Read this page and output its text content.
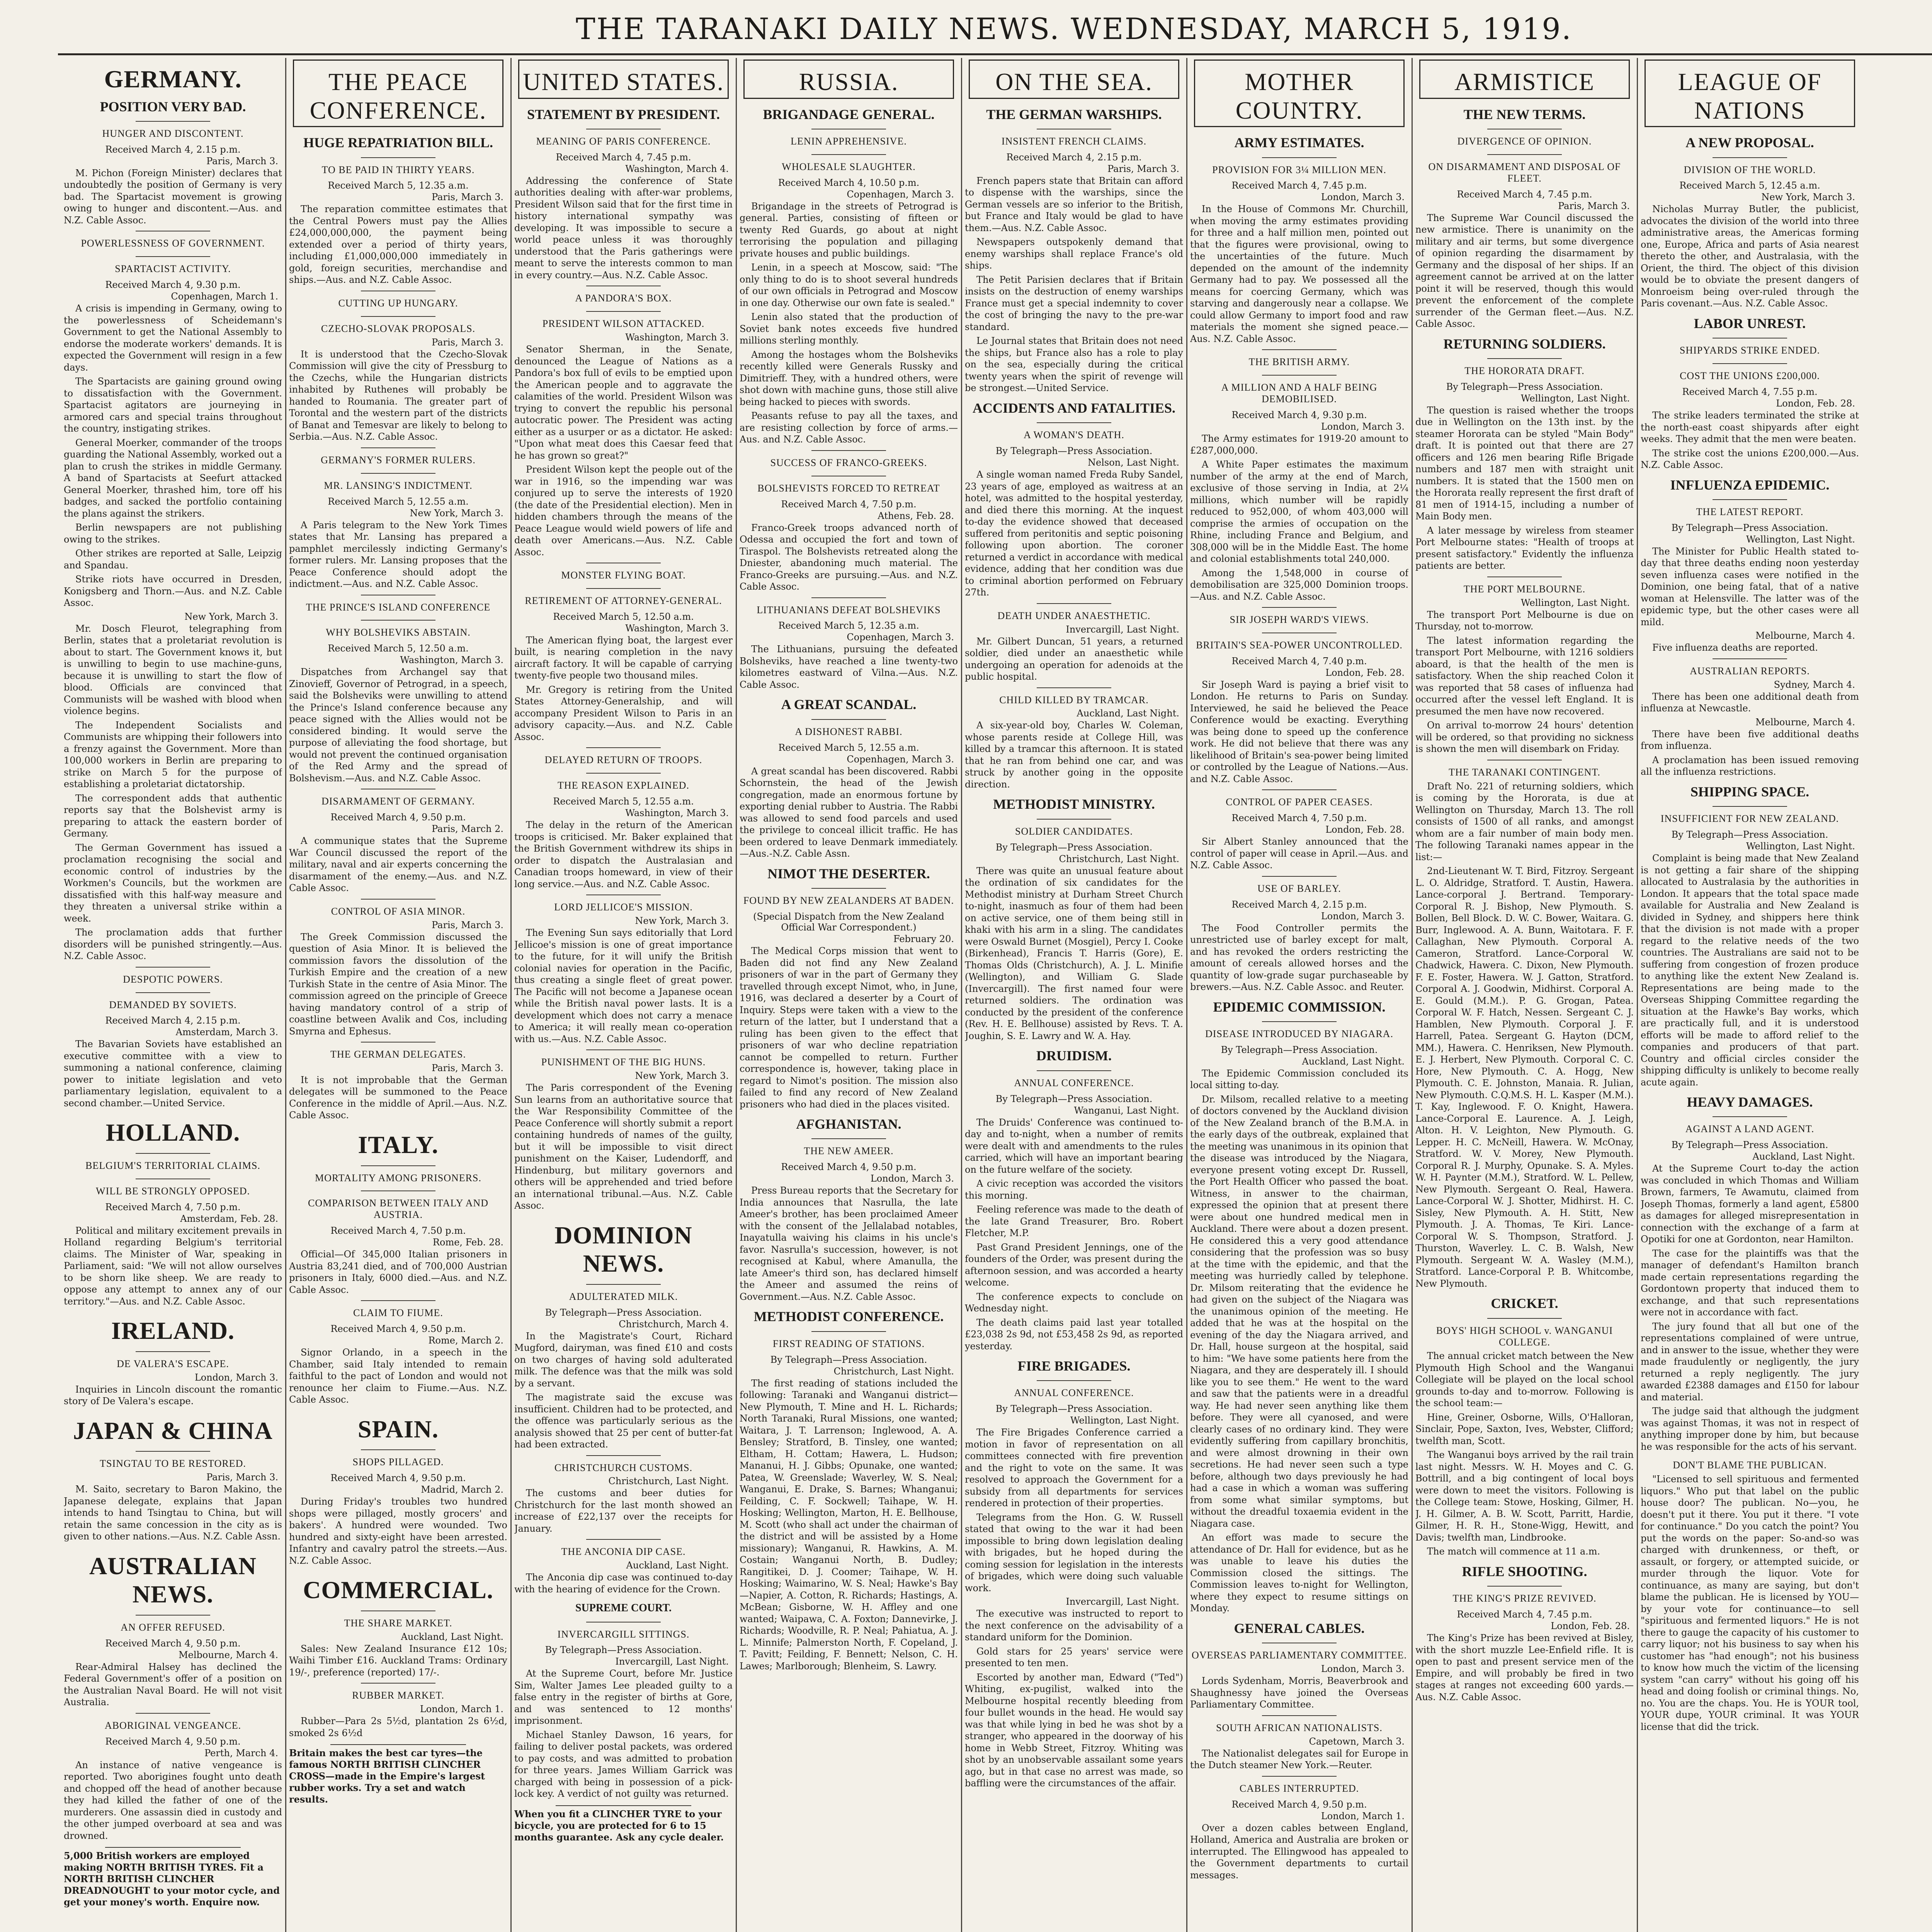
THE TARANAKI DAILY NEWS. WEDNESDAY, MARCH 5, 1919.
GERMANY.
POSITION VERY BAD.
HUNGER AND DISCONTENT.
Received March 4, 2.15 p.m.
Paris, March 3.

M. Pichon (Foreign Minister) declares that undoubtedly the position of Germany is very bad. The Spartacist movement is growing owing to hunger and discontent.—Aus. and N.Z. Cable Assoc.

POWERLESSNESS OF GOVERNMENT.
SPARTACIST ACTIVITY.
Received March 4, 9.30 p.m.
Copenhagen, March 1.

A crisis is impending in Germany, owing to the powerlessness of Scheidemann's Government to get the National Assembly to endorse the moderate workers' demands. It is expected the Government will resign in a few days.

The Spartacists are gaining ground owing to dissatisfaction with the Government. Spartacist agitators are journeying in armored cars and special trains throughout the country, instigating strikes.

General Moerker, commander of the troops guarding the National Assembly, worked out a plan to crush the strikes in middle Germany. A band of Spartacists at Seefurt attacked General Moerker, thrashed him, tore off his badges, and sacked the portfolio containing the plans against the strikers.

Berlin newspapers are not publishing owing to the strikes.

Other strikes are reported at Salle, Leipzig and Spandau.

Strike riots have occurred in Dresden, Konigsberg and Thorn.—Aus. and N.Z. Cable Assoc.

New York, March 3.

Mr. Dosch Fleurot, telegraphing from Berlin, states that a proletariat revolution is about to start. The Government knows it, but is unwilling to begin to use machine-guns, because it is unwilling to start the flow of blood. Officials are convinced that Communists will be washed with blood when violence begins.

The Independent Socialists and Communists are whipping their followers into a frenzy against the Government. More than 100,000 workers in Berlin are preparing to strike on March 5 for the purpose of establishing a proletariat dictatorship.

The correspondent adds that authentic reports say that the Bolshevist army is preparing to attack the eastern border of Germany.

The German Government has issued a proclamation recognising the social and economic control of industries by the Workmen's Councils, but the workmen are dissatisfied with this half-way measure and they threaten a universal strike within a week.

The proclamation adds that further disorders will be punished stringently.—Aus. N.Z. Cable Assoc.

DESPOTIC POWERS.
DEMANDED BY SOVIETS.
Received March 4, 2.15 p.m.
Amsterdam, March 3.

The Bavarian Soviets have established an executive committee with a view to summoning a national conference, claiming power to initiate legislation and veto parliamentary legislation, equivalent to a second chamber.—United Service.

HOLLAND.
BELGIUM'S TERRITORIAL CLAIMS.
WILL BE STRONGLY OPPOSED.
Received March 4, 7.50 p.m.
Amsterdam, Feb. 28.

Political and military excitement prevails in Holland regarding Belgium's territorial claims. The Minister of War, speaking in Parliament, said: "We will not allow ourselves to be shorn like sheep. We are ready to oppose any attempt to annex any of our territory."—Aus. and N.Z. Cable Assoc.

IRELAND.
DE VALERA'S ESCAPE.
London, March 3.

Inquiries in Lincoln discount the romantic story of De Valera's escape.

JAPAN & CHINA
TSINGTAU TO BE RESTORED.
Paris, March 3.

M. Saito, secretary to Baron Makino, the Japanese delegate, explains that Japan intends to hand Tsingtau to China, but will retain the same concession in the city as is given to other nations.—Aus. N.Z. Cable Assn.

AUSTRALIAN NEWS.
AN OFFER REFUSED.
Received March 4, 9.50 p.m.
Melbourne, March 4.

Rear-Admiral Halsey has declined the Federal Government's offer of a position on the Australian Naval Board. He will not visit Australia.

ABORIGINAL VENGEANCE.
Received March 4, 9.50 p.m.
Perth, March 4.

An instance of native vengeance is reported. Two aborigines fought unto death and chopped off the head of another because they had killed the father of one of the murderers. One assassin died in custody and the other jumped overboard at sea and was drowned.

5,000 British workers are employed making NORTH BRITISH TYRES. Fit a NORTH BRITISH CLINCHER DREADNOUGHT to your motor cycle, and get your money's worth. Enquire now.
THE PEACE CONFERENCE.
HUGE REPATRIATION BILL.
TO BE PAID IN THIRTY YEARS.
Received March 5, 12.35 a.m.
Paris, March 3.

The reparation committee estimates that the Central Powers must pay the Allies £24,000,000,000, the payment being extended over a period of thirty years, including £1,000,000,000 immediately in gold, foreign securities, merchandise and ships.—Aus. and N.Z. Cable Assoc.

CUTTING UP HUNGARY.
CZECHO-SLOVAK PROPOSALS.
Paris, March 3.

It is understood that the Czecho-Slovak Commission will give the city of Pressburg to the Czechs, while the Hungarian districts inhabited by Ruthenes will probably be handed to Roumania. The greater part of Torontal and the western part of the districts of Banat and Temesvar are likely to belong to Serbia.—Aus. N.Z. Cable Assoc.

GERMANY'S FORMER RULERS.
MR. LANSING'S INDICTMENT.
Received March 5, 12.55 a.m.
New York, March 3.

A Paris telegram to the New York Times states that Mr. Lansing has prepared a pamphlet mercilessly indicting Germany's former rulers. Mr. Lansing proposes that the Peace Conference should adopt the indictment.—Aus. and N.Z. Cable Assoc.

THE PRINCE'S ISLAND CONFERENCE
WHY BOLSHEVIKS ABSTAIN.
Received March 5, 12.50 a.m.
Washington, March 3.

Dispatches from Archangel say that Zinovieff, Governor of Petrograd, in a speech, said the Bolsheviks were unwilling to attend the Prince's Island conference because any peace signed with the Allies would not be considered binding. It would serve the purpose of alleviating the food shortage, but would not prevent the continued organisation of the Red Army and the spread of Bolshevism.—Aus. and N.Z. Cable Assoc.

DISARMAMENT OF GERMANY.
Received March 4, 9.50 p.m.
Paris, March 2.

A communique states that the Supreme War Council discussed the report of the military, naval and air experts concerning the disarmament of the enemy.—Aus. and N.Z. Cable Assoc.

CONTROL OF ASIA MINOR.
Paris, March 3.

The Greek Commission discussed the question of Asia Minor. It is believed the commission favors the dissolution of the Turkish Empire and the creation of a new Turkish State in the centre of Asia Minor. The commission agreed on the principle of Greece having mandatory control of a strip of coastline between Avalik and Cos, including Smyrna and Ephesus.

THE GERMAN DELEGATES.
Paris, March 3.

It is not improbable that the German delegates will be summoned to the Peace Conference in the middle of April.—Aus. N.Z. Cable Assoc.

ITALY.
MORTALITY AMONG PRISONERS.
COMPARISON BETWEEN ITALY AND AUSTRIA.
Received March 4, 7.50 p.m.
Rome, Feb. 28.

Official—Of 345,000 Italian prisoners in Austria 83,241 died, and of 700,000 Austrian prisoners in Italy, 6000 died.—Aus. and N.Z. Cable Assoc.

CLAIM TO FIUME.
Received March 4, 9.50 p.m.
Rome, March 2.

Signor Orlando, in a speech in the Chamber, said Italy intended to remain faithful to the pact of London and would not renounce her claim to Fiume.—Aus. N.Z. Cable Assoc.

SPAIN.
SHOPS PILLAGED.
Received March 4, 9.50 p.m.
Madrid, March 2.

During Friday's troubles two hundred shops were pillaged, mostly grocers' and bakers'. A hundred were wounded. Two hundred and sixty-eight have been arrested. Infantry and cavalry patrol the streets.—Aus. N.Z. Cable Assoc.

COMMERCIAL.
THE SHARE MARKET.
Auckland, Last Night.

Sales: New Zealand Insurance £12 10s; Waihi Timber £16. Auckland Trams: Ordinary 19/-, preference (reported) 17/-.

RUBBER MARKET.
London, March 1.

Rubber—Para 2s 5½d, plantation 2s 6½d, smoked 2s 6½d

Britain makes the best car tyres—the famous NORTH BRITISH CLINCHER CROSS—made in the Empire's largest rubber works. Try a set and watch results.
UNITED STATES.
STATEMENT BY PRESIDENT.
MEANING OF PARIS CONFERENCE.
Received March 4, 7.45 p.m.
Washington, March 4.

Addressing the conference of State authorities dealing with after-war problems, President Wilson said that for the first time in history international sympathy was developing. It was impossible to secure a world peace unless it was thoroughly understood that the Paris gatherings were meant to serve the interests common to man in every country.—Aus. N.Z. Cable Assoc.

A PANDORA'S BOX.
PRESIDENT WILSON ATTACKED.
Washington, March 3.

Senator Sherman, in the Senate, denounced the League of Nations as a Pandora's box full of evils to be emptied upon the American people and to aggravate the calamities of the world. President Wilson was trying to convert the republic his personal autocratic power. The President was acting either as a usurper or as a dictator. He asked: "Upon what meat does this Caesar feed that he has grown so great?"

President Wilson kept the people out of the war in 1916, so the impending war was conjured up to serve the interests of 1920 (the date of the Presidential election). Men in hidden chambers through the means of the Peace League would wield powers of life and death over Americans.—Aus. N.Z. Cable Assoc.

MONSTER FLYING BOAT.
RETIREMENT OF ATTORNEY-GENERAL.
Received March 5, 12.50 a.m.
Washington, March 3.

The American flying boat, the largest ever built, is nearing completion in the navy aircraft factory. It will be capable of carrying twenty-five people two thousand miles.

Mr. Gregory is retiring from the United States Attorney-Generalship, and will accompany President Wilson to Paris in an advisory capacity.—Aus. and N.Z. Cable Assoc.

DELAYED RETURN OF TROOPS.
THE REASON EXPLAINED.
Received March 5, 12.55 a.m.
Washington, March 3.

The delay in the return of the American troops is criticised. Mr. Baker explained that the British Government withdrew its ships in order to dispatch the Australasian and Canadian troops homeward, in view of their long service.—Aus. and N.Z. Cable Assoc.

LORD JELLICOE'S MISSION.
New York, March 3.

The Evening Sun says editorially that Lord Jellicoe's mission is one of great importance to the future, for it will unify the British colonial navies for operation in the Pacific, thus creating a single fleet of great power. The Pacific will not become a Japanese ocean while the British naval power lasts. It is a development which does not carry a menace to America; it will really mean co-operation with us.—Aus. N.Z. Cable Assoc.

PUNISHMENT OF THE BIG HUNS.
New York, March 3.

The Paris correspondent of the Evening Sun learns from an authoritative source that the War Responsibility Committee of the Peace Conference will shortly submit a report containing hundreds of names of the guilty, but it will be impossible to visit direct punishment on the Kaiser, Ludendorff, and Hindenburg, but military governors and others will be apprehended and tried before an international tribunal.—Aus. N.Z. Cable Assoc.

DOMINION NEWS.
ADULTERATED MILK.
By Telegraph—Press Association.
Christchurch, March 4.

In the Magistrate's Court, Richard Mugford, dairyman, was fined £10 and costs on two charges of having sold adulterated milk. The defence was that the milk was sold by a servant.

The magistrate said the excuse was insufficient. Children had to be protected, and the offence was particularly serious as the analysis showed that 25 per cent of butter-fat had been extracted.

CHRISTCHURCH CUSTOMS.
Christchurch, Last Night.

The customs and beer duties for Christchurch for the last month showed an increase of £22,137 over the receipts for January.

THE ANCONIA DIP CASE.
Auckland, Last Night.

The Anconia dip case was continued to-day with the hearing of evidence for the Crown.

SUPREME COURT.
INVERCARGILL SITTINGS.
By Telegraph—Press Association.
Invercargill, Last Night.

At the Supreme Court, before Mr. Justice Sim, Walter James Lee pleaded guilty to a false entry in the register of births at Gore, and was sentenced to 12 months' imprisonment.

Michael Stanley Dawson, 16 years, for failing to deliver postal packets, was ordered to pay costs, and was admitted to probation for three years. James William Garrick was charged with being in possession of a pick-lock key. A verdict of not guilty was returned.

When you fit a CLINCHER TYRE to your bicycle, you are protected for 6 to 15 months guarantee. Ask any cycle dealer.
RUSSIA.
BRIGANDAGE GENERAL.
LENIN APPREHENSIVE.
WHOLESALE SLAUGHTER.
Received March 4, 10.50 p.m.
Copenhagen, March 3.

Brigandage in the streets of Petrograd is general. Parties, consisting of fifteen or twenty Red Guards, go about at night terrorising the population and pillaging private houses and public buildings.

Lenin, in a speech at Moscow, said: "The only thing to do is to shoot several hundreds of our own officials in Petrograd and Moscow in one day. Otherwise our own fate is sealed."

Lenin also stated that the production of Soviet bank notes exceeds five hundred millions sterling monthly.

Among the hostages whom the Bolsheviks recently killed were Generals Russky and Dimitrieff. They, with a hundred others, were shot down with machine guns, those still alive being hacked to pieces with swords.

Peasants refuse to pay all the taxes, and are resisting collection by force of arms.—Aus. and N.Z. Cable Assoc.

SUCCESS OF FRANCO-GREEKS.
BOLSHEVISTS FORCED TO RETREAT
Received March 4, 7.50 p.m.
Athens, Feb. 28.

Franco-Greek troops advanced north of Odessa and occupied the fort and town of Tiraspol. The Bolshevists retreated along the Dniester, abandoning much material. The Franco-Greeks are pursuing.—Aus. and N.Z. Cable Assoc.

LITHUANIANS DEFEAT BOLSHEVIKS
Received March 5, 12.35 a.m.
Copenhagen, March 3.

The Lithuanians, pursuing the defeated Bolsheviks, have reached a line twenty-two kilometres eastward of Vilna.—Aus. N.Z. Cable Assoc.

A GREAT SCANDAL.
A DISHONEST RABBI.
Received March 5, 12.55 a.m.
Copenhagen, March 3.

A great scandal has been discovered. Rabbi Schornstein, the head of the Jewish congregation, made an enormous fortune by exporting denial rubber to Austria. The Rabbi was allowed to send food parcels and used the privilege to conceal illicit traffic. He has been ordered to leave Denmark immediately.—Aus.-N.Z. Cable Assn.

NIMOT THE DESERTER.
FOUND BY NEW ZEALANDERS AT BADEN.
(Special Dispatch from the New Zealand Official War Correspondent.)
February 20.

The Medical Corps mission that went to Baden did not find any New Zealand prisoners of war in the part of Germany they travelled through except Nimot, who, in June, 1916, was declared a deserter by a Court of Inquiry. Steps were taken with a view to the return of the latter, but I understand that a ruling has been given to the effect that prisoners of war who decline repatriation cannot be compelled to return. Further correspondence is, however, taking place in regard to Nimot's position. The mission also failed to find any record of New Zealand prisoners who had died in the places visited.

AFGHANISTAN.
THE NEW AMEER.
Received March 4, 9.50 p.m.
London, March 3.

Press Bureau reports that the Secretary for India announces that Nasrulla, the late Ameer's brother, has been proclaimed Ameer with the consent of the Jellalabad notables, Inayatulla waiving his claims in his uncle's favor. Nasrulla's succession, however, is not recognised at Kabul, where Amanulla, the late Ameer's third son, has declared himself the Ameer and assumed the reins of Government.—Aus. N.Z. Cable Assoc.

METHODIST CONFERENCE.
FIRST READING OF STATIONS.
By Telegraph—Press Association.
Christchurch, Last Night.

The first reading of stations included the following: Taranaki and Wanganui district—New Plymouth, T. Mine and H. L. Richards; North Taranaki, Rural Missions, one wanted; Waitara, J. T. Larrenson; Inglewood, A. A. Bensley; Stratford, B. Tinsley, one wanted; Eltham, H. Cottam; Hawera, L. Hudson; Mananui, H. J. Gibbs; Opunake, one wanted; Patea, W. Greenslade; Waverley, W. S. Neal; Wanganui, E. Drake, S. Barnes; Whanganui; Feilding, C. F. Sockwell; Taihape, W. H. Hosking; Wellington, Marton, H. E. Bellhouse, M. Scott (who shall act under the chairman of the district and will be assisted by a Home missionary); Wanganui, R. Hawkins, A. M. Costain; Wanganui North, B. Dudley; Rangitikei, D. J. Coomer; Taihape, W. H. Hosking; Waimarino, W. S. Neal; Hawke's Bay—Napier, A. Cotton, R. Richards; Hastings, A. McBean; Gisborne, W. H. Affley and one wanted; Waipawa, C. A. Foxton; Dannevirke, J. Richards; Woodville, R. P. Neal; Pahiatua, A. J. L. Minnife; Palmerston North, F. Copeland, J. T. Pavitt; Feilding, F. Bennett; Nelson, C. H. Lawes; Marlborough; Blenheim, S. Lawry.

ON THE SEA.
THE GERMAN WARSHIPS.
INSISTENT FRENCH CLAIMS.
Received March 4, 2.15 p.m.
Paris, March 3.

French papers state that Britain can afford to dispense with the warships, since the German vessels are so inferior to the British, but France and Italy would be glad to have them.—Aus. N.Z. Cable Assoc.

Newspapers outspokenly demand that enemy warships shall replace France's old ships.

The Petit Parisien declares that if Britain insists on the destruction of enemy warships France must get a special indemnity to cover the cost of bringing the navy to the pre-war standard.

Le Journal states that Britain does not need the ships, but France also has a role to play on the sea, especially during the critical twenty years when the spirit of revenge will be strongest.—United Service.

ACCIDENTS AND FATALITIES.
A WOMAN'S DEATH.
By Telegraph—Press Association.
Nelson, Last Night.

A single woman named Freda Ruby Sandel, 23 years of age, employed as waitress at an hotel, was admitted to the hospital yesterday, and died there this morning. At the inquest to-day the evidence showed that deceased suffered from peritonitis and septic poisoning following upon abortion. The coroner returned a verdict in accordance with medical evidence, adding that her condition was due to criminal abortion performed on February 27th.

DEATH UNDER ANAESTHETIC.
Invercargill, Last Night.

Mr. Gilbert Duncan, 51 years, a returned soldier, died under an anaesthetic while undergoing an operation for adenoids at the public hospital.

CHILD KILLED BY TRAMCAR.
Auckland, Last Night.

A six-year-old boy, Charles W. Coleman, whose parents reside at College Hill, was killed by a tramcar this afternoon. It is stated that he ran from behind one car, and was struck by another going in the opposite direction.

METHODIST MINISTRY.
SOLDIER CANDIDATES.
By Telegraph—Press Association.
Christchurch, Last Night.

There was quite an unusual feature about the ordination of six candidates for the Methodist ministry at Durham Street Church to-night, inasmuch as four of them had been on active service, one of them being still in khaki with his arm in a sling. The candidates were Oswald Burnet (Mosgiel), Percy I. Cooke (Birkenhead), Francis T. Harris (Gore), E. Thomas Olds (Christchurch), A. J. L. Minifie (Wellington), and William G. Slade (Invercargill). The first named four were returned soldiers. The ordination was conducted by the president of the conference (Rev. H. E. Bellhouse) assisted by Revs. T. A. Joughin, S. E. Lawry and W. A. Hay.

DRUIDISM.
ANNUAL CONFERENCE.
By Telegraph—Press Association.
Wanganui, Last Night.

The Druids' Conference was continued to-day and to-night, when a number of remits were dealt with and amendments to the rules carried, which will have an important bearing on the future welfare of the society.

A civic reception was accorded the visitors this morning.

Feeling reference was made to the death of the late Grand Treasurer, Bro. Robert Fletcher, M.P.

Past Grand President Jennings, one of the founders of the Order, was present during the afternoon session, and was accorded a hearty welcome.

The conference expects to conclude on Wednesday night.

The death claims paid last year totalled £23,038 2s 9d, not £53,458 2s 9d, as reported yesterday.

FIRE BRIGADES.
ANNUAL CONFERENCE.
By Telegraph—Press Association.
Wellington, Last Night.

The Fire Brigades Conference carried a motion in favor of representation on all committees connected with fire prevention and the right to vote on the same. It was resolved to approach the Government for a subsidy from all departments for services rendered in protection of their properties.

Telegrams from the Hon. G. W. Russell stated that owing to the war it had been impossible to bring down legislation dealing with brigades, but he hoped during the coming session for legislation in the interests of brigades, which were doing such valuable work.

Invercargill, Last Night.

The executive was instructed to report to the next conference on the advisability of a standard uniform for the Dominion.

Gold stars for 25 years' service were presented to ten men.

Escorted by another man, Edward ("Ted") Whiting, ex-pugilist, walked into the Melbourne hospital recently bleeding from four bullet wounds in the head. He would say was that while lying in bed he was shot by a stranger, who appeared in the doorway of his home in Webb Street, Fitzroy. Whiting was shot by an unobservable assailant some years ago, but in that case no arrest was made, so baffling were the circumstances of the affair.

MOTHER COUNTRY.
ARMY ESTIMATES.
PROVISION FOR 3¼ MILLION MEN.
Received March 4, 7.45 p.m.
London, March 3.

In the House of Commons Mr. Churchill, when moving the army estimates providing for three and a half million men, pointed out that the figures were provisional, owing to the uncertainties of the future. Much depended on the amount of the indemnity Germany had to pay. We possessed all the means for coercing Germany, which was starving and dangerously near a collapse. We could allow Germany to import food and raw materials the moment she signed peace.—Aus. N.Z. Cable Assoc.

THE BRITISH ARMY.
A MILLION AND A HALF BEING DEMOBILISED.
Received March 4, 9.30 p.m.
London, March 3.

The Army estimates for 1919-20 amount to £287,000,000.

A White Paper estimates the maximum number of the army at the end of March, exclusive of those serving in India, at 2¼ millions, which number will be rapidly reduced to 952,000, of whom 403,000 will comprise the armies of occupation on the Rhine, including France and Belgium, and 308,000 will be in the Middle East. The home and colonial establishments total 240,000.

Among the 1,548,000 in course of demobilisation are 325,000 Dominion troops.—Aus. and N.Z. Cable Assoc.

SIR JOSEPH WARD'S VIEWS.
BRITAIN'S SEA-POWER UNCONTROLLED.
Received March 4, 7.40 p.m.
London, Feb. 28.

Sir Joseph Ward is paying a brief visit to London. He returns to Paris on Sunday. Interviewed, he said he believed the Peace Conference would be exacting. Everything was being done to speed up the conference work. He did not believe that there was any likelihood of Britain's sea-power being limited or controlled by the League of Nations.—Aus. and N.Z. Cable Assoc.

CONTROL OF PAPER CEASES.
Received March 4, 7.50 p.m.
London, Feb. 28.

Sir Albert Stanley announced that the control of paper will cease in April.—Aus. and N.Z. Cable Assoc.

USE OF BARLEY.
Received March 4, 2.15 p.m.
London, March 3.

The Food Controller permits the unrestricted use of barley except for malt, and has revoked the orders restricting the amount of cereals allowed horses and the quantity of low-grade sugar purchaseable by brewers.—Aus. N.Z. Cable Assoc. and Reuter.

EPIDEMIC COMMISSION.
DISEASE INTRODUCED BY NIAGARA.
By Telegraph—Press Association.
Auckland, Last Night.

The Epidemic Commission concluded its local sitting to-day.

Dr. Milsom, recalled relative to a meeting of doctors convened by the Auckland division of the New Zealand branch of the B.M.A. in the early days of the outbreak, explained that the meeting was unanimous in its opinion that the disease was introduced by the Niagara, everyone present voting except Dr. Russell, the Port Health Officer who passed the boat. Witness, in answer to the chairman, expressed the opinion that at present there were about one hundred medical men in Auckland. There were about a dozen present. He considered this a very good attendance considering that the profession was so busy at the time with the epidemic, and that the meeting was hurriedly called by telephone. Dr. Milsom reiterating that the evidence he had given on the subject of the Niagara was the unanimous opinion of the meeting. He added that he was at the hospital on the evening of the day the Niagara arrived, and Dr. Hall, house surgeon at the hospital, said to him: "We have some patients here from the Niagara, and they are desperately ill. I should like you to see them." He went to the ward and saw that the patients were in a dreadful way. He had never seen anything like them before. They were all cyanosed, and were clearly cases of no ordinary kind. They were evidently suffering from capillary bronchitis, and were almost drowning in their own secretions. He had never seen such a type before, although two days previously he had had a case in which a woman was suffering from some what similar symptoms, but without the dreadful toxaemia evident in the Niagara case.

An effort was made to secure the attendance of Dr. Hall for evidence, but as he was unable to leave his duties the Commission closed the sittings. The Commission leaves to-night for Wellington, where they expect to resume sittings on Monday.

GENERAL CABLES.
OVERSEAS PARLIAMENTARY COMMITTEE.
London, March 3.

Lords Sydenham, Morris, Beaverbrook and Shaughnessy have joined the Overseas Parliamentary Committee.

SOUTH AFRICAN NATIONALISTS.
Capetown, March 3.

The Nationalist delegates sail for Europe in the Dutch steamer New York.—Reuter.

CABLES INTERRUPTED.
Received March 4, 9.50 p.m.
London, March 1.

Over a dozen cables between England, Holland, America and Australia are broken or interrupted. The Ellingwood has appealed to the Government departments to curtail messages.

ARMISTICE
THE NEW TERMS.
DIVERGENCE OF OPINION.
ON DISARMAMENT AND DISPOSAL OF FLEET.
Received March 4, 7.45 p.m.
Paris, March 3.

The Supreme War Council discussed the new armistice. There is unanimity on the military and air terms, but some divergence of opinion regarding the disarmament by Germany and the disposal of her ships. If an agreement cannot be arrived at on the latter point it will be reserved, though this would prevent the enforcement of the complete surrender of the German fleet.—Aus. N.Z. Cable Assoc.

RETURNING SOLDIERS.
THE HORORATA DRAFT.
By Telegraph—Press Association.
Wellington, Last Night.

The question is raised whether the troops due in Wellington on the 13th inst. by the steamer Hororata can be styled "Main Body" draft. It is pointed out that there are 27 officers and 126 men bearing Rifle Brigade numbers and 187 men with straight unit numbers. It is stated that the 1500 men on the Hororata really represent the first draft of 81 men of 1914-15, including a number of Main Body men.

A later message by wireless from steamer Port Melbourne states: "Health of troops at present satisfactory." Evidently the influenza patients are better.

THE PORT MELBOURNE.
Wellington, Last Night.

The transport Port Melbourne is due on Thursday, not to-morrow.

The latest information regarding the transport Port Melbourne, with 1216 soldiers aboard, is that the health of the men is satisfactory. When the ship reached Colon it was reported that 58 cases of influenza had occurred after the vessel left England. It is presumed the men have now recovered.

On arrival to-morrow 24 hours' detention will be ordered, so that providing no sickness is shown the men will disembark on Friday.

THE TARANAKI CONTINGENT.

Draft No. 221 of returning soldiers, which is coming by the Hororata, is due at Wellington on Thursday, March 13. The roll consists of 1500 of all ranks, and amongst whom are a fair number of main body men. The following Taranaki names appear in the list:—

2nd-Lieutenant W. T. Bird, Fitzroy. Sergeant L. O. Aldridge, Stratford. T. Austin, Hawera. Lance-corporal J. Bertrand. Temporary-Corporal R. J. Bishop, New Plymouth. S. Bollen, Bell Block. D. W. C. Bower, Waitara. G. Burr, Inglewood. A. A. Bunn, Waitotara. F. F. Callaghan, New Plymouth. Corporal A. Cameron, Stratford. Lance-Corporal W. Chadwick, Hawera. C. Dixon, New Plymouth. F. E. Foster, Hawera. W. J. Gatton, Stratford. Corporal A. J. Goodwin, Midhirst. Corporal A. E. Gould (M.M.). P. G. Grogan, Patea. Corporal W. F. Hatch, Nessen. Sergeant C. J. Hamblen, New Plymouth. Corporal J. F. Harrell, Patea. Sergeant G. Hayton (DCM, MM.), Hawera. C. Henriksen, New Plymouth. E. J. Herbert, New Plymouth. Corporal C. C. Hore, New Plymouth. C. A. Hogg, New Plymouth. C. E. Johnston, Manaia. R. Julian, New Plymouth. C.Q.M.S. H. L. Kasper (M.M.). T. Kay, Inglewood. F. O. Knight, Hawera. Lance-Corporal E. Laurence. A. J. Leigh, Alton. H. V. Leighton, New Plymouth. G. Lepper. H. C. McNeill, Hawera. W. McOnay, Stratford. W. V. Morey, New Plymouth. Corporal R. J. Murphy, Opunake. S. A. Myles. W. H. Paynter (M.M.), Stratford. W. L. Pellew, New Plymouth. Sergeant O. Real, Hawera. Lance-Corporal W. J. Shotter, Midhirst. H. C. Sisley, New Plymouth. A. H. Stitt, New Plymouth. J. A. Thomas, Te Kiri. Lance-Corporal W. S. Thompson, Stratford. J. Thurston, Waverley. L. C. B. Walsh, New Plymouth. Sergeant W. A. Wasley (M.M.), Stratford. Lance-Corporal P. B. Whitcombe, New Plymouth.

CRICKET.
BOYS' HIGH SCHOOL v. WANGANUI COLLEGE.

The annual cricket match between the New Plymouth High School and the Wanganui Collegiate will be played on the local school grounds to-day and to-morrow. Following is the school team:—

Hine, Greiner, Osborne, Wills, O'Halloran, Sinclair, Pope, Saxton, Ives, Webster, Clifford; twelfth man, Scott.

The Wanganui boys arrived by the rail train last night. Messrs. W. H. Moyes and C. G. Bottrill, and a big contingent of local boys were down to meet the visitors. Following is the College team: Stowe, Hosking, Gilmer, H. J. H. Gilmer, A. B. W. Scott, Parritt, Hardie, Gilmer, H. R. H., Stone-Wigg, Hewitt, and Davis; twelfth man, Lindbrooke.

The match will commence at 11 a.m.

RIFLE SHOOTING.
THE KING'S PRIZE REVIVED.
Received March 4, 7.45 p.m.
London, Feb. 28.

The King's Prize has been revived at Bisley, with the short muzzle Lee-Enfield rifle. It is open to past and present service men of the Empire, and will probably be fired in two stages at ranges not exceeding 600 yards.—Aus. N.Z. Cable Assoc.

LEAGUE OF NATIONS
A NEW PROPOSAL.
DIVISION OF THE WORLD.
Received March 5, 12.45 a.m.
New York, March 3.

Nicholas Murray Butler, the publicist, advocates the division of the world into three administrative areas, the Americas forming one, Europe, Africa and parts of Asia nearest thereto the other, and Australasia, with the Orient, the third. The object of this division would be to obviate the present dangers of Monroeism being over-ruled through the Paris covenant.—Aus. N.Z. Cable Assoc.

LABOR UNREST.
SHIPYARDS STRIKE ENDED.
COST THE UNIONS £200,000.
Received March 4, 7.55 p.m.
London, Feb. 28.

The strike leaders terminated the strike at the north-east coast shipyards after eight weeks. They admit that the men were beaten.

The strike cost the unions £200,000.—Aus. N.Z. Cable Assoc.

INFLUENZA EPIDEMIC.
THE LATEST REPORT.
By Telegraph—Press Association.
Wellington, Last Night.

The Minister for Public Health stated to-day that three deaths ending noon yesterday seven influenza cases were notified in the Dominion, one being fatal, that of a native woman at Helensville. The latter was of the epidemic type, but the other cases were all mild.

Melbourne, March 4.

Five influenza deaths are reported.

AUSTRALIAN REPORTS.
Sydney, March 4.

There has been one additional death from influenza at Newcastle.

Melbourne, March 4.

There have been five additional deaths from influenza.

A proclamation has been issued removing all the influenza restrictions.

SHIPPING SPACE.
INSUFFICIENT FOR NEW ZEALAND.
By Telegraph—Press Association.
Wellington, Last Night.

Complaint is being made that New Zealand is not getting a fair share of the shipping allocated to Australasia by the authorities in London. It appears that the total space made available for Australia and New Zealand is divided in Sydney, and shippers here think that the division is not made with a proper regard to the relative needs of the two countries. The Australians are said not to be suffering from congestion of frozen produce to anything like the extent New Zealand is. Representations are being made to the Overseas Shipping Committee regarding the situation at the Hawke's Bay works, which are practically full, and it is understood efforts will be made to afford relief to the companies and producers of that part. Country and official circles consider the shipping difficulty is unlikely to become really acute again.

HEAVY DAMAGES.
AGAINST A LAND AGENT.
By Telegraph—Press Association.
Auckland, Last Night.

At the Supreme Court to-day the action was concluded in which Thomas and William Brown, farmers, Te Awamutu, claimed from Joseph Thomas, formerly a land agent, £5800 as damages for alleged misrepresentation in connection with the exchange of a farm at Opotiki for one at Gordonton, near Hamilton.

The case for the plaintiffs was that the manager of defendant's Hamilton branch made certain representations regarding the Gordontown property that induced them to exchange, and that such representations were not in accordance with fact.

The jury found that all but one of the representations complained of were untrue, and in answer to the issue, whether they were made fraudulently or negligently, the jury returned a reply negligently. The jury awarded £2388 damages and £150 for labour and material.

The judge said that although the judgment was against Thomas, it was not in respect of anything improper done by him, but because he was responsible for the acts of his servant.

DON'T BLAME THE PUBLICAN.

"Licensed to sell spirituous and fermented liquors." Who put that label on the public house door? The publican. No—you, he doesn't put it there. You put it there. "I vote for continuance." Do you catch the point? You put the words on the paper: So-and-so was charged with drunkenness, or theft, or assault, or forgery, or attempted suicide, or murder through the liquor. Vote for continuance, as many are saying, but don't blame the publican. He is licensed by YOU—by your vote for continuance—to sell "spirituous and fermented liquors." He is not there to gauge the capacity of his customer to carry liquor; not his business to say when his customer has "had enough"; not his business to know how much the victim of the licensing system "can carry" without his going off his head and doing foolish or criminal things. No, no. You are the chaps. You. He is YOUR tool, YOUR dupe, YOUR criminal. It was YOUR license that did the trick.
